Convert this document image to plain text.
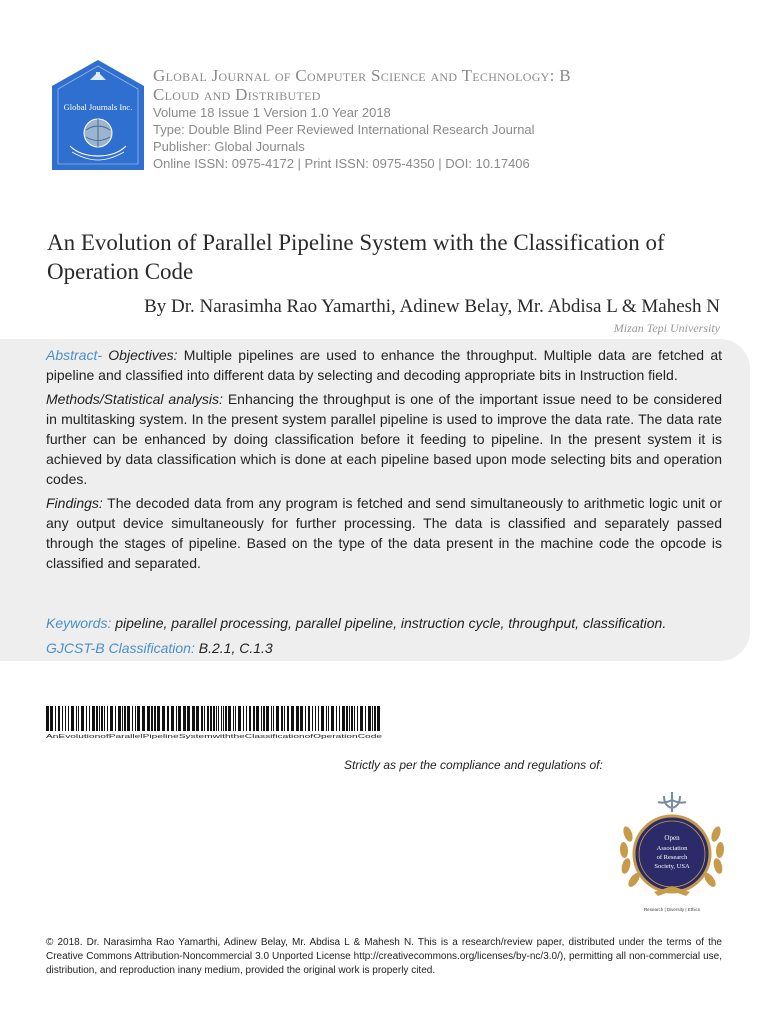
Global Journals Inc.
Global Journal of Computer Science and Technology: B
Cloud and Distributed
Volume 18 Issue 1 Version 1.0 Year 2018
Type: Double Blind Peer Reviewed International Research Journal
Publisher: Global Journals
Online ISSN: 0975-4172 | Print ISSN: 0975-4350 | DOI: 10.17406
An Evolution of Parallel Pipeline System with the Classification of Operation Code
By Dr. Narasimha Rao Yamarthi, Adinew Belay, Mr. Abdisa L & Mahesh N
Mizan Tepi University

Abstract- Objectives: Multiple pipelines are used to enhance the throughput. Multiple data are fetched at pipeline and classified into different data by selecting and decoding appropriate bits in Instruction field.

Methods/Statistical analysis: Enhancing the throughput is one of the important issue need to be considered in multitasking system. In the present system parallel pipeline is used to improve the data rate. The data rate further can be enhanced by doing classification before it feeding to pipeline. In the present system it is achieved by data classification which is done at each pipeline based upon mode selecting bits and operation codes.

Findings: The decoded data from any program is fetched and send simultaneously to arithmetic logic unit or any output device simultaneously for further processing. The data is classified and separately passed through the stages of pipeline. Based on the type of the data present in the machine code the opcode is classified and separated.

Keywords: pipeline, parallel processing, parallel pipeline, instruction cycle, throughput, classification.
GJCST-B Classification: B.2.1, C.1.3
AnEvolutionofParallelPipelineSystemwiththeClassificationofOperationCode
Strictly as per the compliance and regulations of:
Open
Association
of Research
Society, USA
Research | Diversity | Ethics
© 2018. Dr. Narasimha Rao Yamarthi, Adinew Belay, Mr. Abdisa L & Mahesh N. This is a research/review paper, distributed under the terms of the Creative Commons Attribution-Noncommercial 3.0 Unported License http://creativecommons.org/licenses/by-nc/3.0/), permitting all non-commercial use, distribution, and reproduction inany medium, provided the original work is properly cited.
